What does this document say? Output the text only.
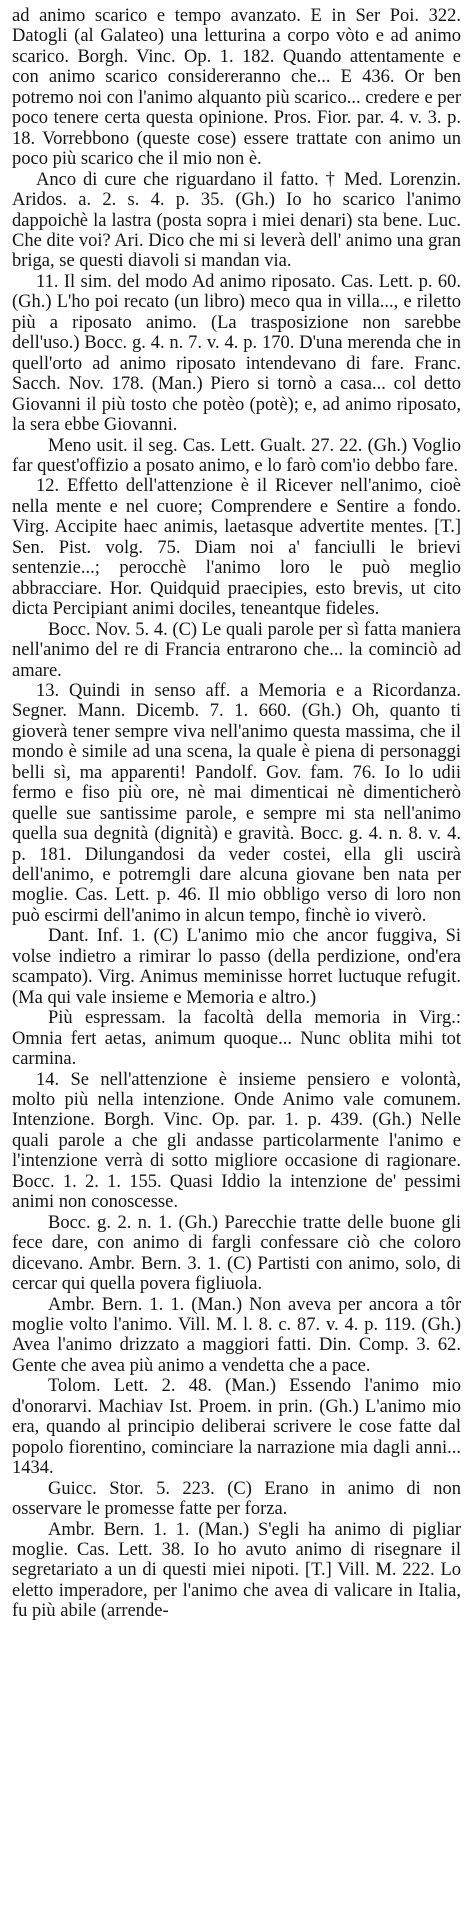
ad animo scarico e tempo avanzato. E in Ser Poi. 322. Datogli (al Galateo) una letturina a corpo vòto e ad animo scarico. Borgh. Vinc. Op. 1. 182. Quando attentamente e con animo scarico considereranno che... E 436. Or ben potremo noi con l'animo alquanto più scarico... credere e per poco tenere certa questa opinione. Pros. Fior. par. 4. v. 3. p. 18. Vorrebbono (queste cose) essere trattate con animo un poco più scarico che il mio non è.

Anco di cure che riguardano il fatto. † Med. Lorenzin. Aridos. a. 2. s. 4. p. 35. (Gh.) Io ho scarico l'animo dappoichè la lastra (posta sopra i miei denari) sta bene. Luc. Che dite voi? Ari. Dico che mi si leverà dell' animo una gran briga, se questi diavoli si mandan via.

11. Il sim. del modo Ad animo riposato. Cas. Lett. p. 60. (Gh.) L'ho poi recato (un libro) meco qua in villa..., e riletto più a riposato animo. (La trasposizione non sarebbe dell'uso.) Bocc. g. 4. n. 7. v. 4. p. 170. D'una merenda che in quell'orto ad animo riposato intendevano di fare. Franc. Sacch. Nov. 178. (Man.) Piero si tornò a casa... col detto Giovanni il più tosto che potèo (potè); e, ad animo riposato, la sera ebbe Giovanni.

Meno usit. il seg. Cas. Lett. Gualt. 27. 22. (Gh.) Voglio far quest'offizio a posato animo, e lo farò com'io debbo fare.

12. Effetto dell'attenzione è il Ricever nell'animo, cioè nella mente e nel cuore; Comprendere e Sentire a fondo. Virg. Accipite haec animis, laetasque advertite mentes. [T.] Sen. Pist. volg. 75. Diam noi a' fanciulli le brievi sentenzie...; perocchè l'animo loro le può meglio abbracciare. Hor. Quidquid praecipies, esto brevis, ut cito dicta Percipiant animi dociles, teneantque fideles.

Bocc. Nov. 5. 4. (C) Le quali parole per sì fatta maniera nell'animo del re di Francia entrarono che... la cominciò ad amare.

13. Quindi in senso aff. a Memoria e a Ricordanza. Segner. Mann. Dicemb. 7. 1. 660. (Gh.) Oh, quanto ti gioverà tener sempre viva nell'animo questa massima, che il mondo è simile ad una scena, la quale è piena di personaggi belli sì, ma apparenti! Pandolf. Gov. fam. 76. Io lo udii fermo e fiso più ore, nè mai dimenticai nè dimenticherò quelle sue santissime parole, e sempre mi sta nell'animo quella sua degnità (dignità) e gravità. Bocc. g. 4. n. 8. v. 4. p. 181. Dilungandosi da veder costei, ella gli uscirà dell'animo, e potremgli dare alcuna giovane ben nata per moglie. Cas. Lett. p. 46. Il mio obbligo verso di loro non può escirmi dell'animo in alcun tempo, finchè io viverò.

Dant. Inf. 1. (C) L'animo mio che ancor fuggiva, Si volse indietro a rimirar lo passo (della perdizione, ond'era scampato). Virg. Animus meminisse horret luctuque refugit. (Ma qui vale insieme e Memoria e altro.)

Più espressam. la facoltà della memoria in Virg.: Omnia fert aetas, animum quoque... Nunc oblita mihi tot carmina.

14. Se nell'attenzione è insieme pensiero e volontà, molto più nella intenzione. Onde Animo vale comunem. Intenzione. Borgh. Vinc. Op. par. 1. p. 439. (Gh.) Nelle quali parole a che gli andasse particolarmente l'animo e l'intenzione verrà di sotto migliore occasione di ragionare. Bocc. 1. 2. 1. 155. Quasi Iddio la intenzione de' pessimi animi non conoscesse.

Bocc. g. 2. n. 1. (Gh.) Parecchie tratte delle buone gli fece dare, con animo di fargli confessare ciò che coloro dicevano. Ambr. Bern. 3. 1. (C) Partisti con animo, solo, di cercar qui quella povera figliuola.

Ambr. Bern. 1. 1. (Man.) Non aveva per ancora a tôr moglie volto l'animo. Vill. M. l. 8. c. 87. v. 4. p. 119. (Gh.) Avea l'animo drizzato a maggiori fatti. Din. Comp. 3. 62. Gente che avea più animo a vendetta che a pace.

Tolom. Lett. 2. 48. (Man.) Essendo l'animo mio d'onorarvi. Machiav Ist. Proem. in prin. (Gh.) L'animo mio era, quando al principio deliberai scrivere le cose fatte dal popolo fiorentino, cominciare la narrazione mia dagli anni... 1434.

Guicc. Stor. 5. 223. (C) Erano in animo di non osservare le promesse fatte per forza.

Ambr. Bern. 1. 1. (Man.) S'egli ha animo di pigliar moglie. Cas. Lett. 38. Io ho avuto animo di risegnare il segretariato a un di questi miei nipoti. [T.] Vill. M. 222. Lo eletto imperadore, per l'animo che avea di valicare in Italia, fu più abile (arrende-
